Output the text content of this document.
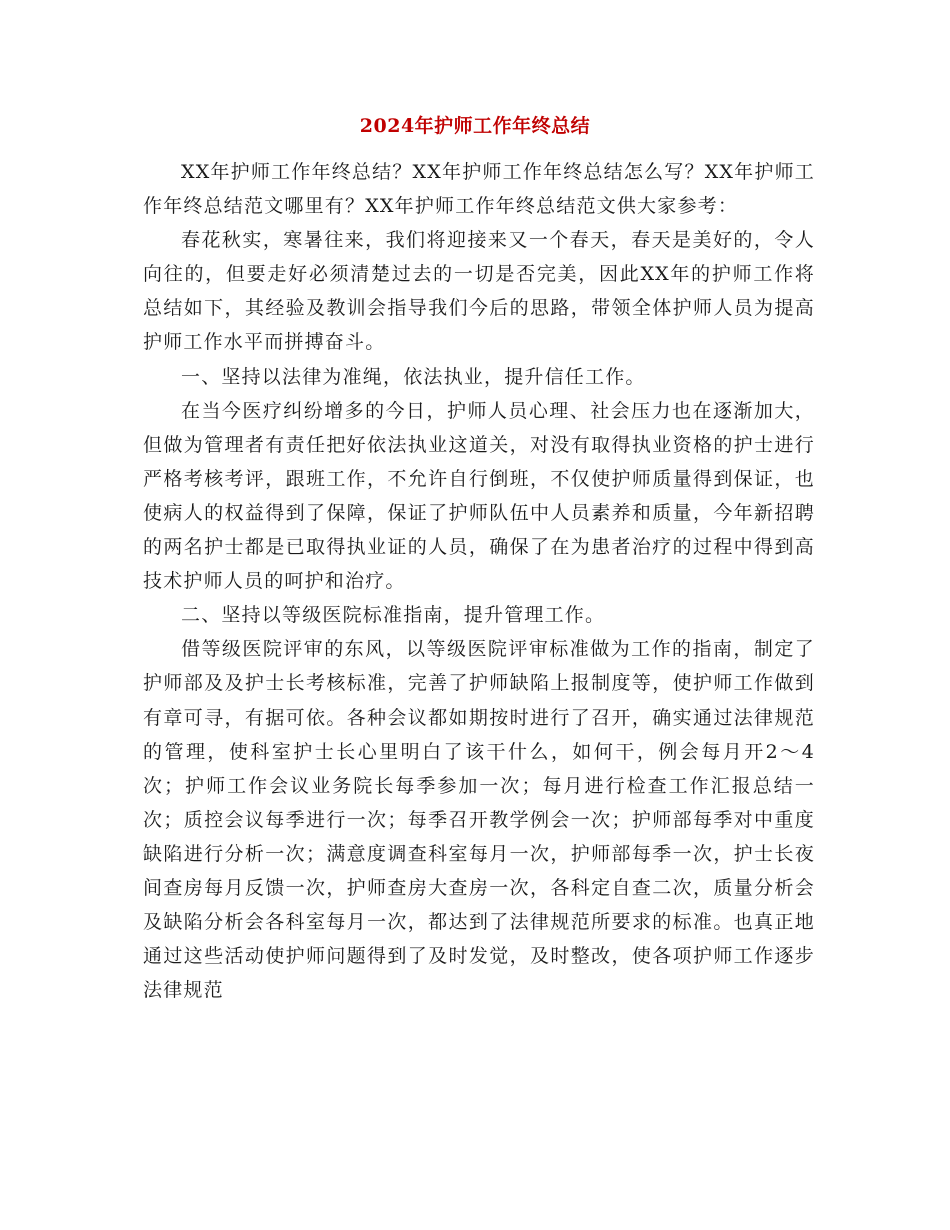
2024年护师工作年终总结

XX年护师工作年终总结？XX年护师工作年终总结怎么写？XX年护师工作年终总结范文哪里有？XX年护师工作年终总结范文供大家参考：

春花秋实，寒暑往来，我们将迎接来又一个春天，春天是美好的，令人向往的，但要走好必须清楚过去的一切是否完美，因此XX年的护师工作将总结如下，其经验及教训会指导我们今后的思路，带领全体护师人员为提高护师工作水平而拼搏奋斗。

一、坚持以法律为准绳，依法执业，提升信任工作。

在当今医疗纠纷增多的今日，护师人员心理、社会压力也在逐渐加大，但做为管理者有责任把好依法执业这道关，对没有取得执业资格的护士进行严格考核考评，跟班工作，不允许自行倒班，不仅使护师质量得到保证，也使病人的权益得到了保障，保证了护师队伍中人员素养和质量，今年新招聘的两名护士都是已取得执业证的人员，确保了在为患者治疗的过程中得到高技术护师人员的呵护和治疗。

二、坚持以等级医院标准指南，提升管理工作。

借等级医院评审的东风，以等级医院评审标准做为工作的指南，制定了护师部及及护士长考核标准，完善了护师缺陷上报制度等，使护师工作做到有章可寻，有据可依。各种会议都如期按时进行了召开，确实通过法律规范的管理，使科室护士长心里明白了该干什么，如何干，例会每月开2～4次；护师工作会议业务院长每季参加一次；每月进行检查工作汇报总结一次；质控会议每季进行一次；每季召开教学例会一次；护师部每季对中重度缺陷进行分析一次；满意度调查科室每月一次，护师部每季一次，护士长夜间查房每月反馈一次，护师查房大查房一次，各科定自查二次，质量分析会及缺陷分析会各科室每月一次，都达到了法律规范所要求的标准。也真正地通过这些活动使护师问题得到了及时发觉，及时整改，使各项护师工作逐步法律规范
